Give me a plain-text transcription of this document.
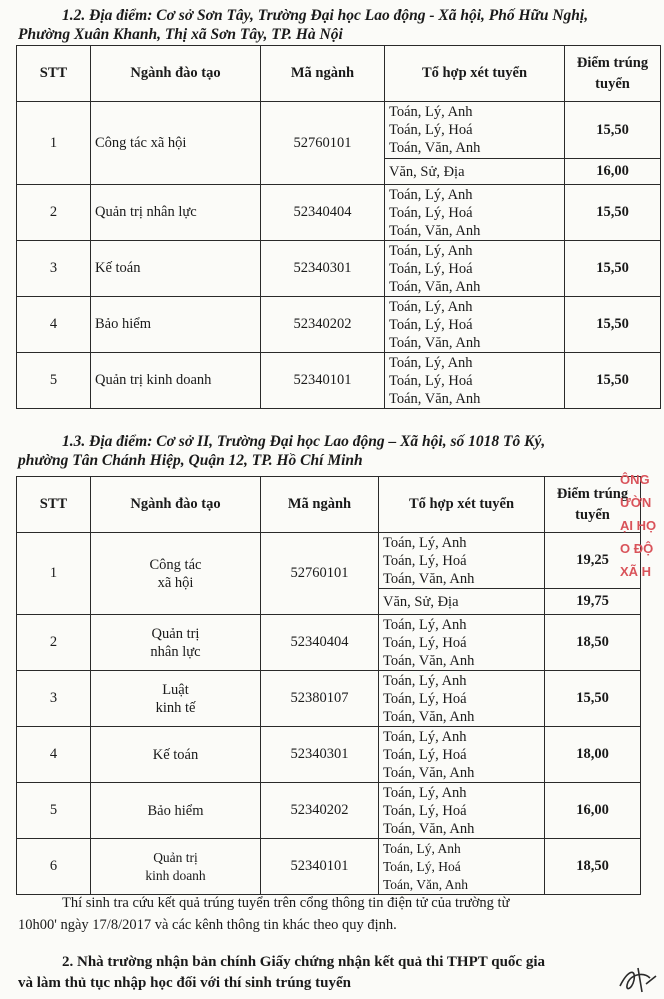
1.2. Địa điểm: Cơ sở Sơn Tây, Trường Đại học Lao động - Xã hội, Phố Hữu Nghị,
Phường Xuân Khanh, Thị xã Sơn Tây, TP. Hà Nội
STT	Ngành đào tạo	Mã ngành	Tổ hợp xét tuyển	Điểm trúng
tuyển

1	Công tác xã hội	52760101	Toán, Lý, Anh
Toán, Lý, Hoá
Toán, Văn, Anh	15,50
			Văn, Sử, Địa	16,00
2	Quản trị nhân lực	52340404	Toán, Lý, Anh
Toán, Lý, Hoá
Toán, Văn, Anh	15,50
3	Kế toán	52340301	Toán, Lý, Anh
Toán, Lý, Hoá
Toán, Văn, Anh	15,50
4	Bảo hiểm	52340202	Toán, Lý, Anh
Toán, Lý, Hoá
Toán, Văn, Anh	15,50
5	Quản trị kinh doanh	52340101	Toán, Lý, Anh
Toán, Lý, Hoá
Toán, Văn, Anh	15,50
1.3. Địa điểm: Cơ sở II, Trường Đại học Lao động – Xã hội, số 1018 Tô Ký,
phường Tân Chánh Hiệp, Quận 12, TP. Hồ Chí Minh
STT	Ngành đào tạo	Mã ngành	Tổ hợp xét tuyển	Điểm trúng
tuyển

1	Công tác
xã hội	52760101	Toán, Lý, Anh
Toán, Lý, Hoá
Toán, Văn, Anh	19,25
			Văn, Sử, Địa	19,75
2	Quản trị
nhân lực	52340404	Toán, Lý, Anh
Toán, Lý, Hoá
Toán, Văn, Anh	18,50
3	Luật
kinh tế	52380107	Toán, Lý, Anh
Toán, Lý, Hoá
Toán, Văn, Anh	15,50
4	Kế toán	52340301	Toán, Lý, Anh
Toán, Lý, Hoá
Toán, Văn, Anh	18,00
5	Bảo hiểm	52340202	Toán, Lý, Anh
Toán, Lý, Hoá
Toán, Văn, Anh	16,00
6	Quản trị
kinh doanh	52340101	Toán, Lý, Anh
Toán, Lý, Hoá
Toán, Văn, Anh	18,50
ÔNG
ƯỜN
ẠI HỌ
O ĐỘ
XÃ H
Thí sinh tra cứu kết quả trúng tuyển trên cổng thông tin điện tử của trường từ
10h00' ngày 17/8/2017 và các kênh thông tin khác theo quy định.
2. Nhà trường nhận bản chính Giấy chứng nhận kết quả thi THPT quốc gia
và làm thủ tục nhập học đối với thí sinh trúng tuyển
